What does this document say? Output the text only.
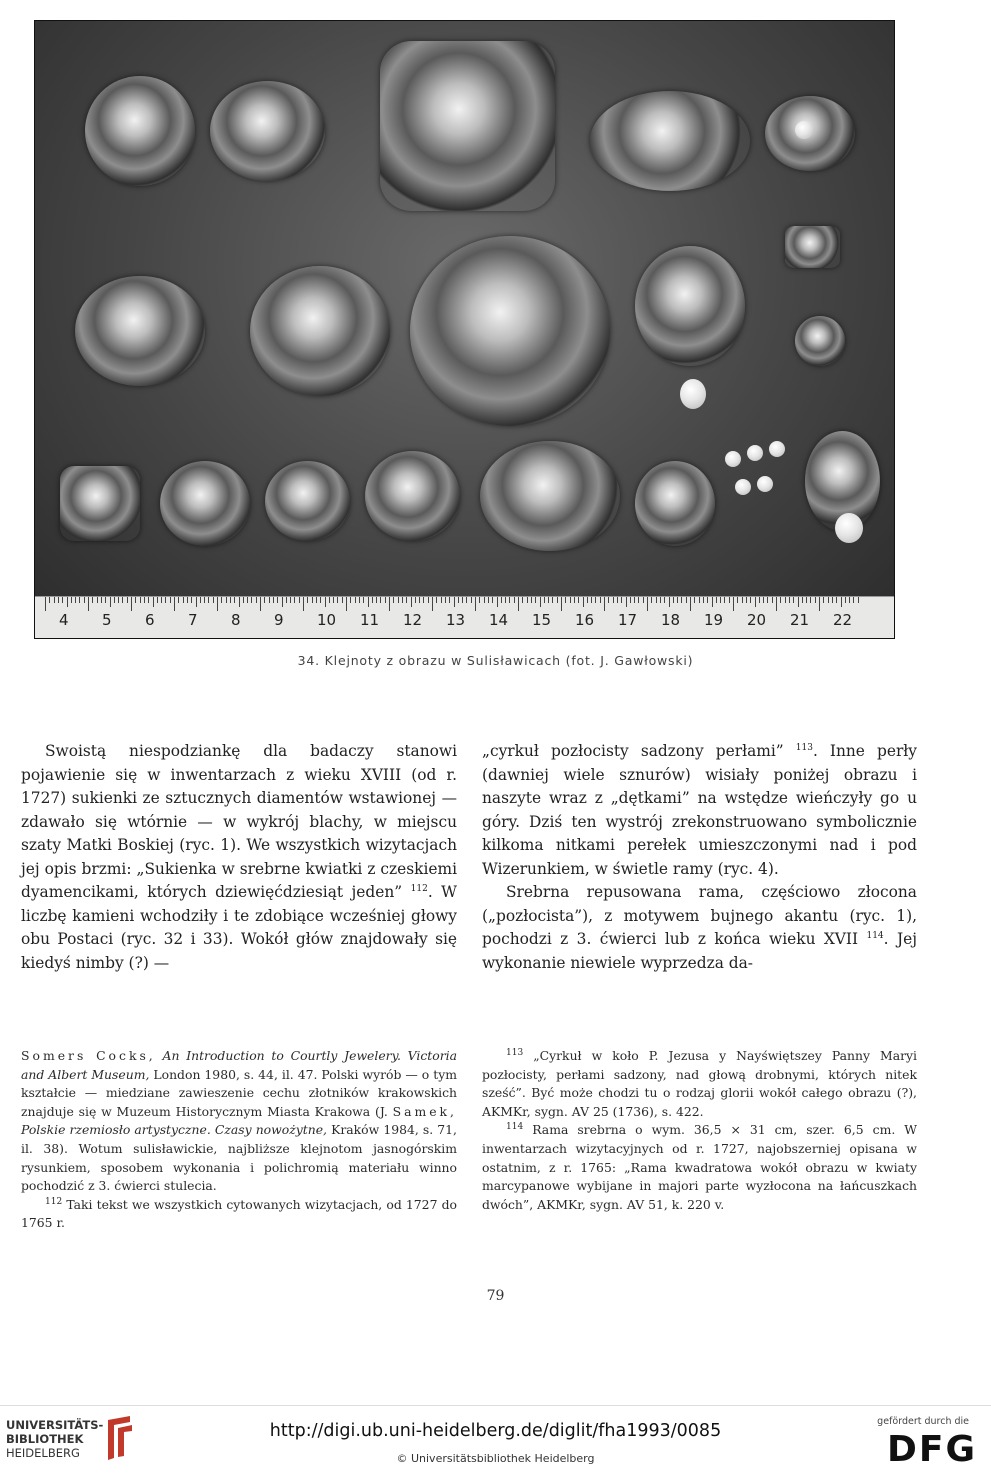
4 5 6 7 8 9 10 11 12 13 14 15 16 17 18 19 20 21 22
34. Klejnoty z obrazu w Sulisławicach (fot. J. Gawłowski)

Swoistą niespodziankę dla badaczy stanowi pojawienie się w inwentarzach z wieku XVIII (od r. 1727) sukienki ze sztucznych diamentów wstawionej — zdawało się wtórnie — w wykrój blachy, w miejscu szaty Matki Boskiej (ryc. 1). We wszystkich wizytacjach jej opis brzmi: „Sukienka w srebrne kwiatki z czeskiemi dyamencikami, których dziewięćdziesiąt jeden” $^{112}$. W liczbę kamieni wchodziły i te zdobiące wcześniej głowy obu Postaci (ryc. 32 i 33). Wokół głów znajdowały się kiedyś nimby (?) —

„cyrkuł pozłocisty sadzony perłami” $^{113}$. Inne perły (dawniej wiele sznurów) wisiały poniżej obrazu i naszyte wraz z „dętkami” na wstędze wieńczyły go u góry. Dziś ten wystrój zrekonstruowano symbolicznie kilkoma nitkami perełek umieszczonymi nad i pod Wizerunkiem, w świetle ramy (ryc. 4).

Srebrna repusowana rama, częściowo złocona („pozłocista”), z motywem bujnego akantu (ryc. 1), pochodzi z 3. ćwierci lub z końca wieku XVII $^{114}$. Jej wykonanie niewiele wyprzedza da-

Somers Cocks, An Introduction to Courtly Jewelery. Victoria and Albert Museum, London 1980, s. 44, il. 47. Polski wyrób — o tym kształcie — miedziane zawieszenie cechu złotników krakowskich znajduje się w Muzeum Historycznym Miasta Krakowa (J. Samek, Polskie rzemiosło artystyczne. Czasy nowożytne, Kraków 1984, s. 71, il. 38). Wotum sulisławickie, najbliższe klejnotom jasnogórskim rysunkiem, sposobem wykonania i polichromią materiału winno pochodzić z 3. ćwierci stulecia.

$^{112}$ Taki tekst we wszystkich cytowanych wizytacjach, od 1727 do 1765 r.

$^{113}$ „Cyrkuł w koło P. Jezusa y Nayświętszey Panny Maryi pozłocisty, perłami sadzony, nad głową drobnymi, których nitek sześć”. Być może chodzi tu o rodzaj glorii wokół całego obrazu (?), AKMKr, sygn. AV 25 (1736), s. 422.

$^{114}$ Rama srebrna o wym. 36,5 × 31 cm, szer. 6,5 cm. W inwentarzach wizytacyjnych od r. 1727, najobszerniej opisana w ostatnim, z r. 1765: „Rama kwadratowa wokół obrazu w kwiaty marcypanowe wybijane in majori parte wyzłocona na łańcuszkach dwóch”, AKMKr, sygn. AV 51, k. 220 v.

79
UNIVERSITÄTS-
BIBLIOTHEK
HEIDELBERG
http://digi.ub.uni-heidelberg.de/diglit/fha1993/0085
© Universitätsbibliothek Heidelberg
gefördert durch die
DFG
